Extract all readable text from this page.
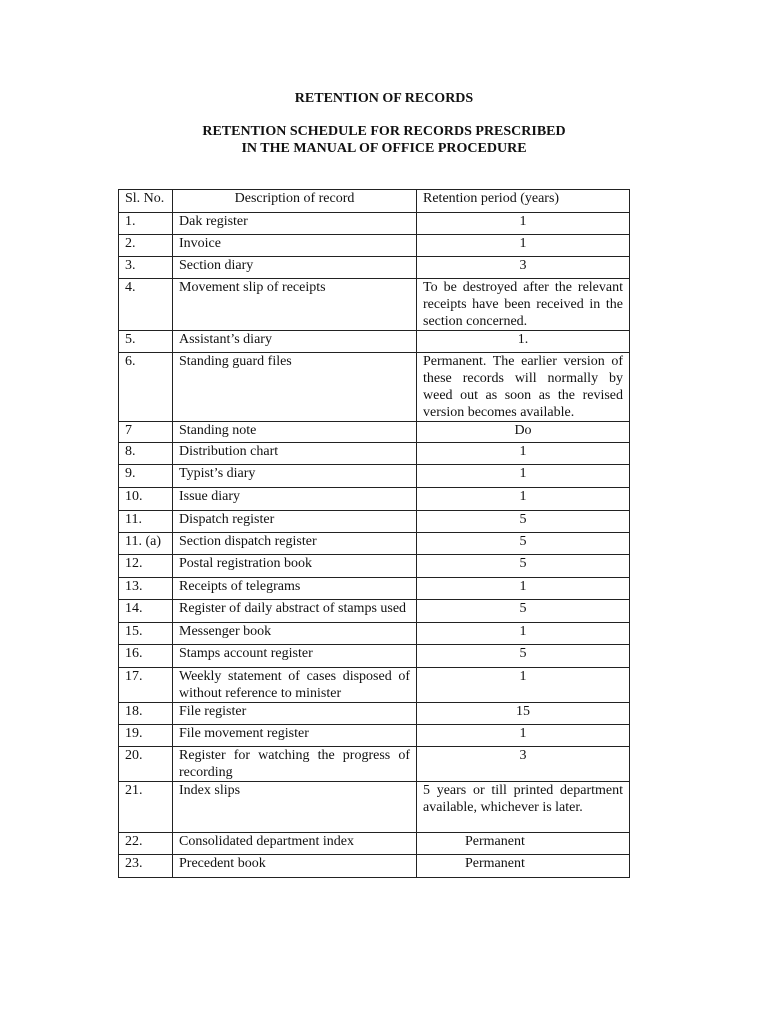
RETENTION OF RECORDS
RETENTION SCHEDULE FOR RECORDS PRESCRIBED
IN THE MANUAL OF OFFICE PROCEDURE
Sl. No.	Description of record	Retention period (years)
1.	Dak register	1
2.	Invoice	1
3.	Section diary	3
4.	Movement slip of receipts	To be destroyed after the relevant receipts have been received in the section concerned.
5.	Assistant’s diary	1.
6.	Standing guard files	Permanent. The earlier version of these records will normally by weed out as soon as the revised version becomes available.
7	Standing note	Do
8.	Distribution chart	1
9.	Typist’s diary	1
10.	Issue diary	1
11.	Dispatch register	5
11. (a)	Section dispatch register	5
12.	Postal registration book	5
13.	Receipts of telegrams	1
14.	Register of daily abstract of stamps used	5
15.	Messenger book	1
16.	Stamps account register	5
17.	Weekly statement of cases disposed of without reference to minister	1
18.	File register	15
19.	File movement register	1
20.	Register for watching the progress of recording	3
21.	Index slips	5 years or till printed department available, whichever is later.
22.	Consolidated department index	Permanent
23.	Precedent book	Permanent
